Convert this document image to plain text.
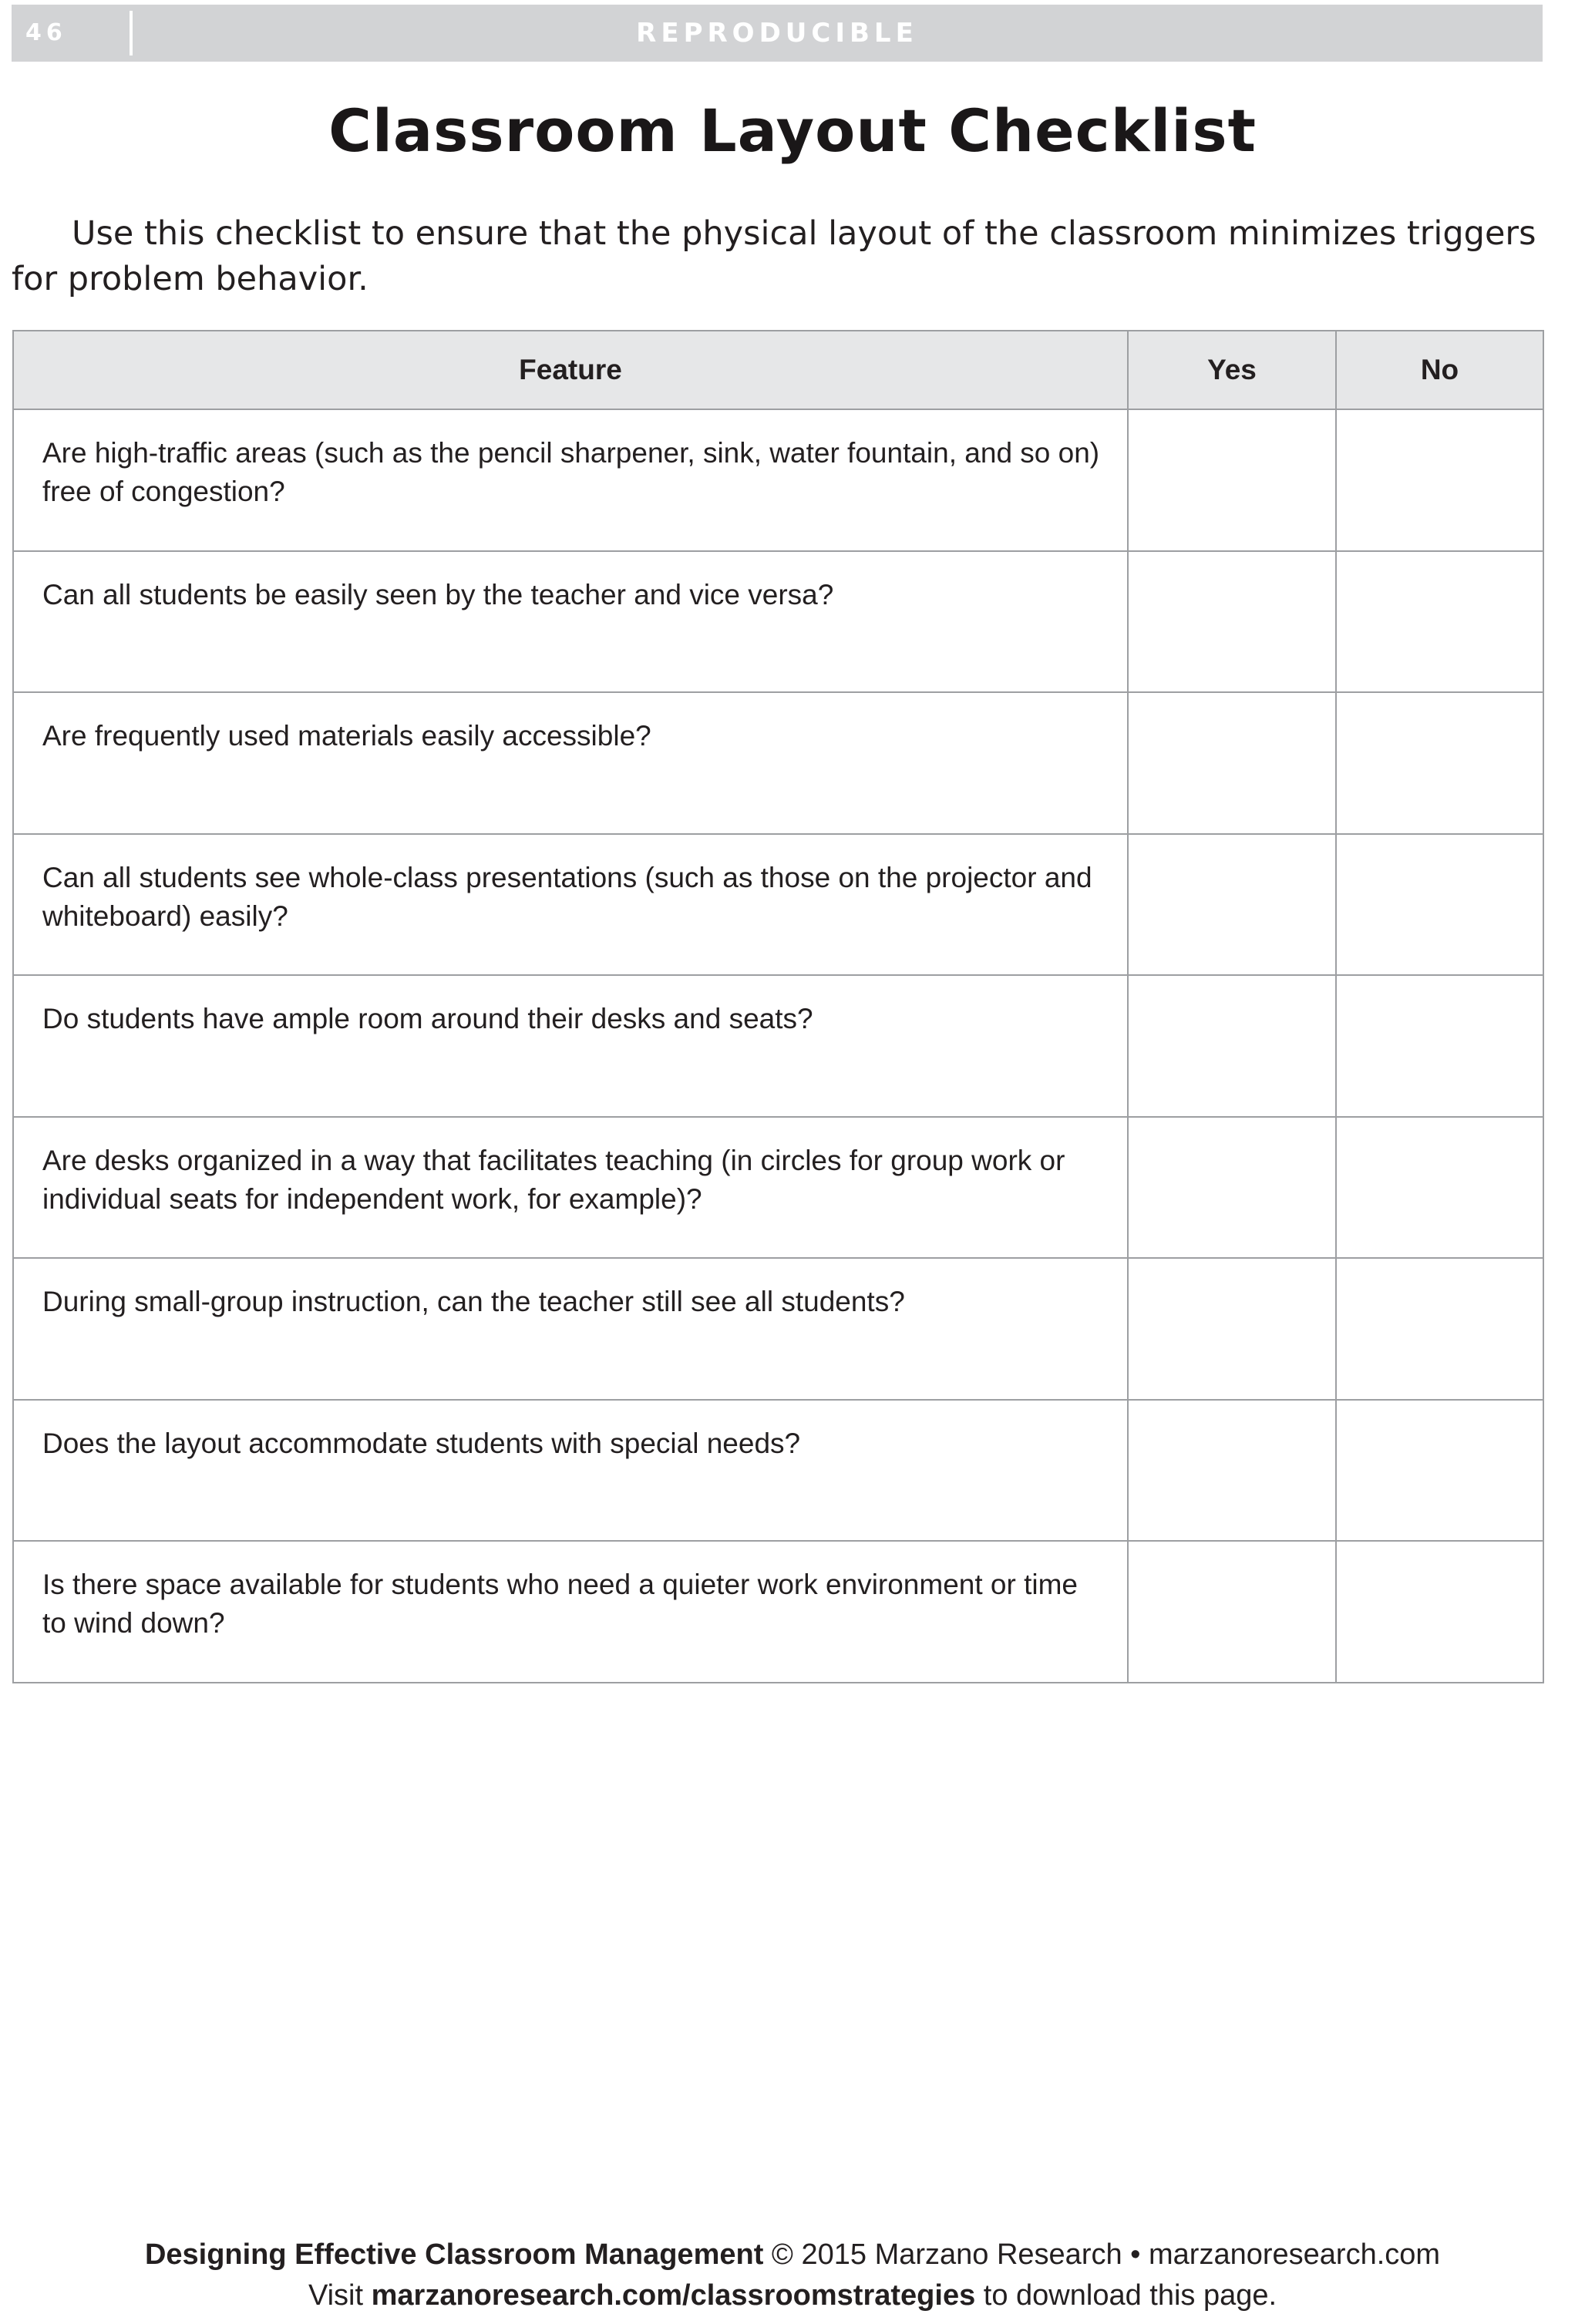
46	REPRODUCIBLE
Classroom Layout Checklist

Use this checklist to ensure that the physical layout of the classroom minimizes triggers for problem behavior.

Feature	Yes	No
Are high-traffic areas (such as the pencil sharpener, sink, water fountain, and so on) free of congestion?		
Can all students be easily seen by the teacher and vice versa?		
Are frequently used materials easily accessible?		
Can all students see whole-class presentations (such as those on the projector and whiteboard) easily?		
Do students have ample room around their desks and seats?		
Are desks organized in a way that facilitates teaching (in circles for group work or individual seats for independent work, for example)?		
During small-group instruction, can the teacher still see all students?		
Does the layout accommodate students with special needs?		
Is there space available for students who need a quieter work environment or time to wind down?		
Designing Effective Classroom Management © 2015 Marzano Research • marzanoresearch.com
Visit marzanoresearch.com/classroomstrategies to download this page.
